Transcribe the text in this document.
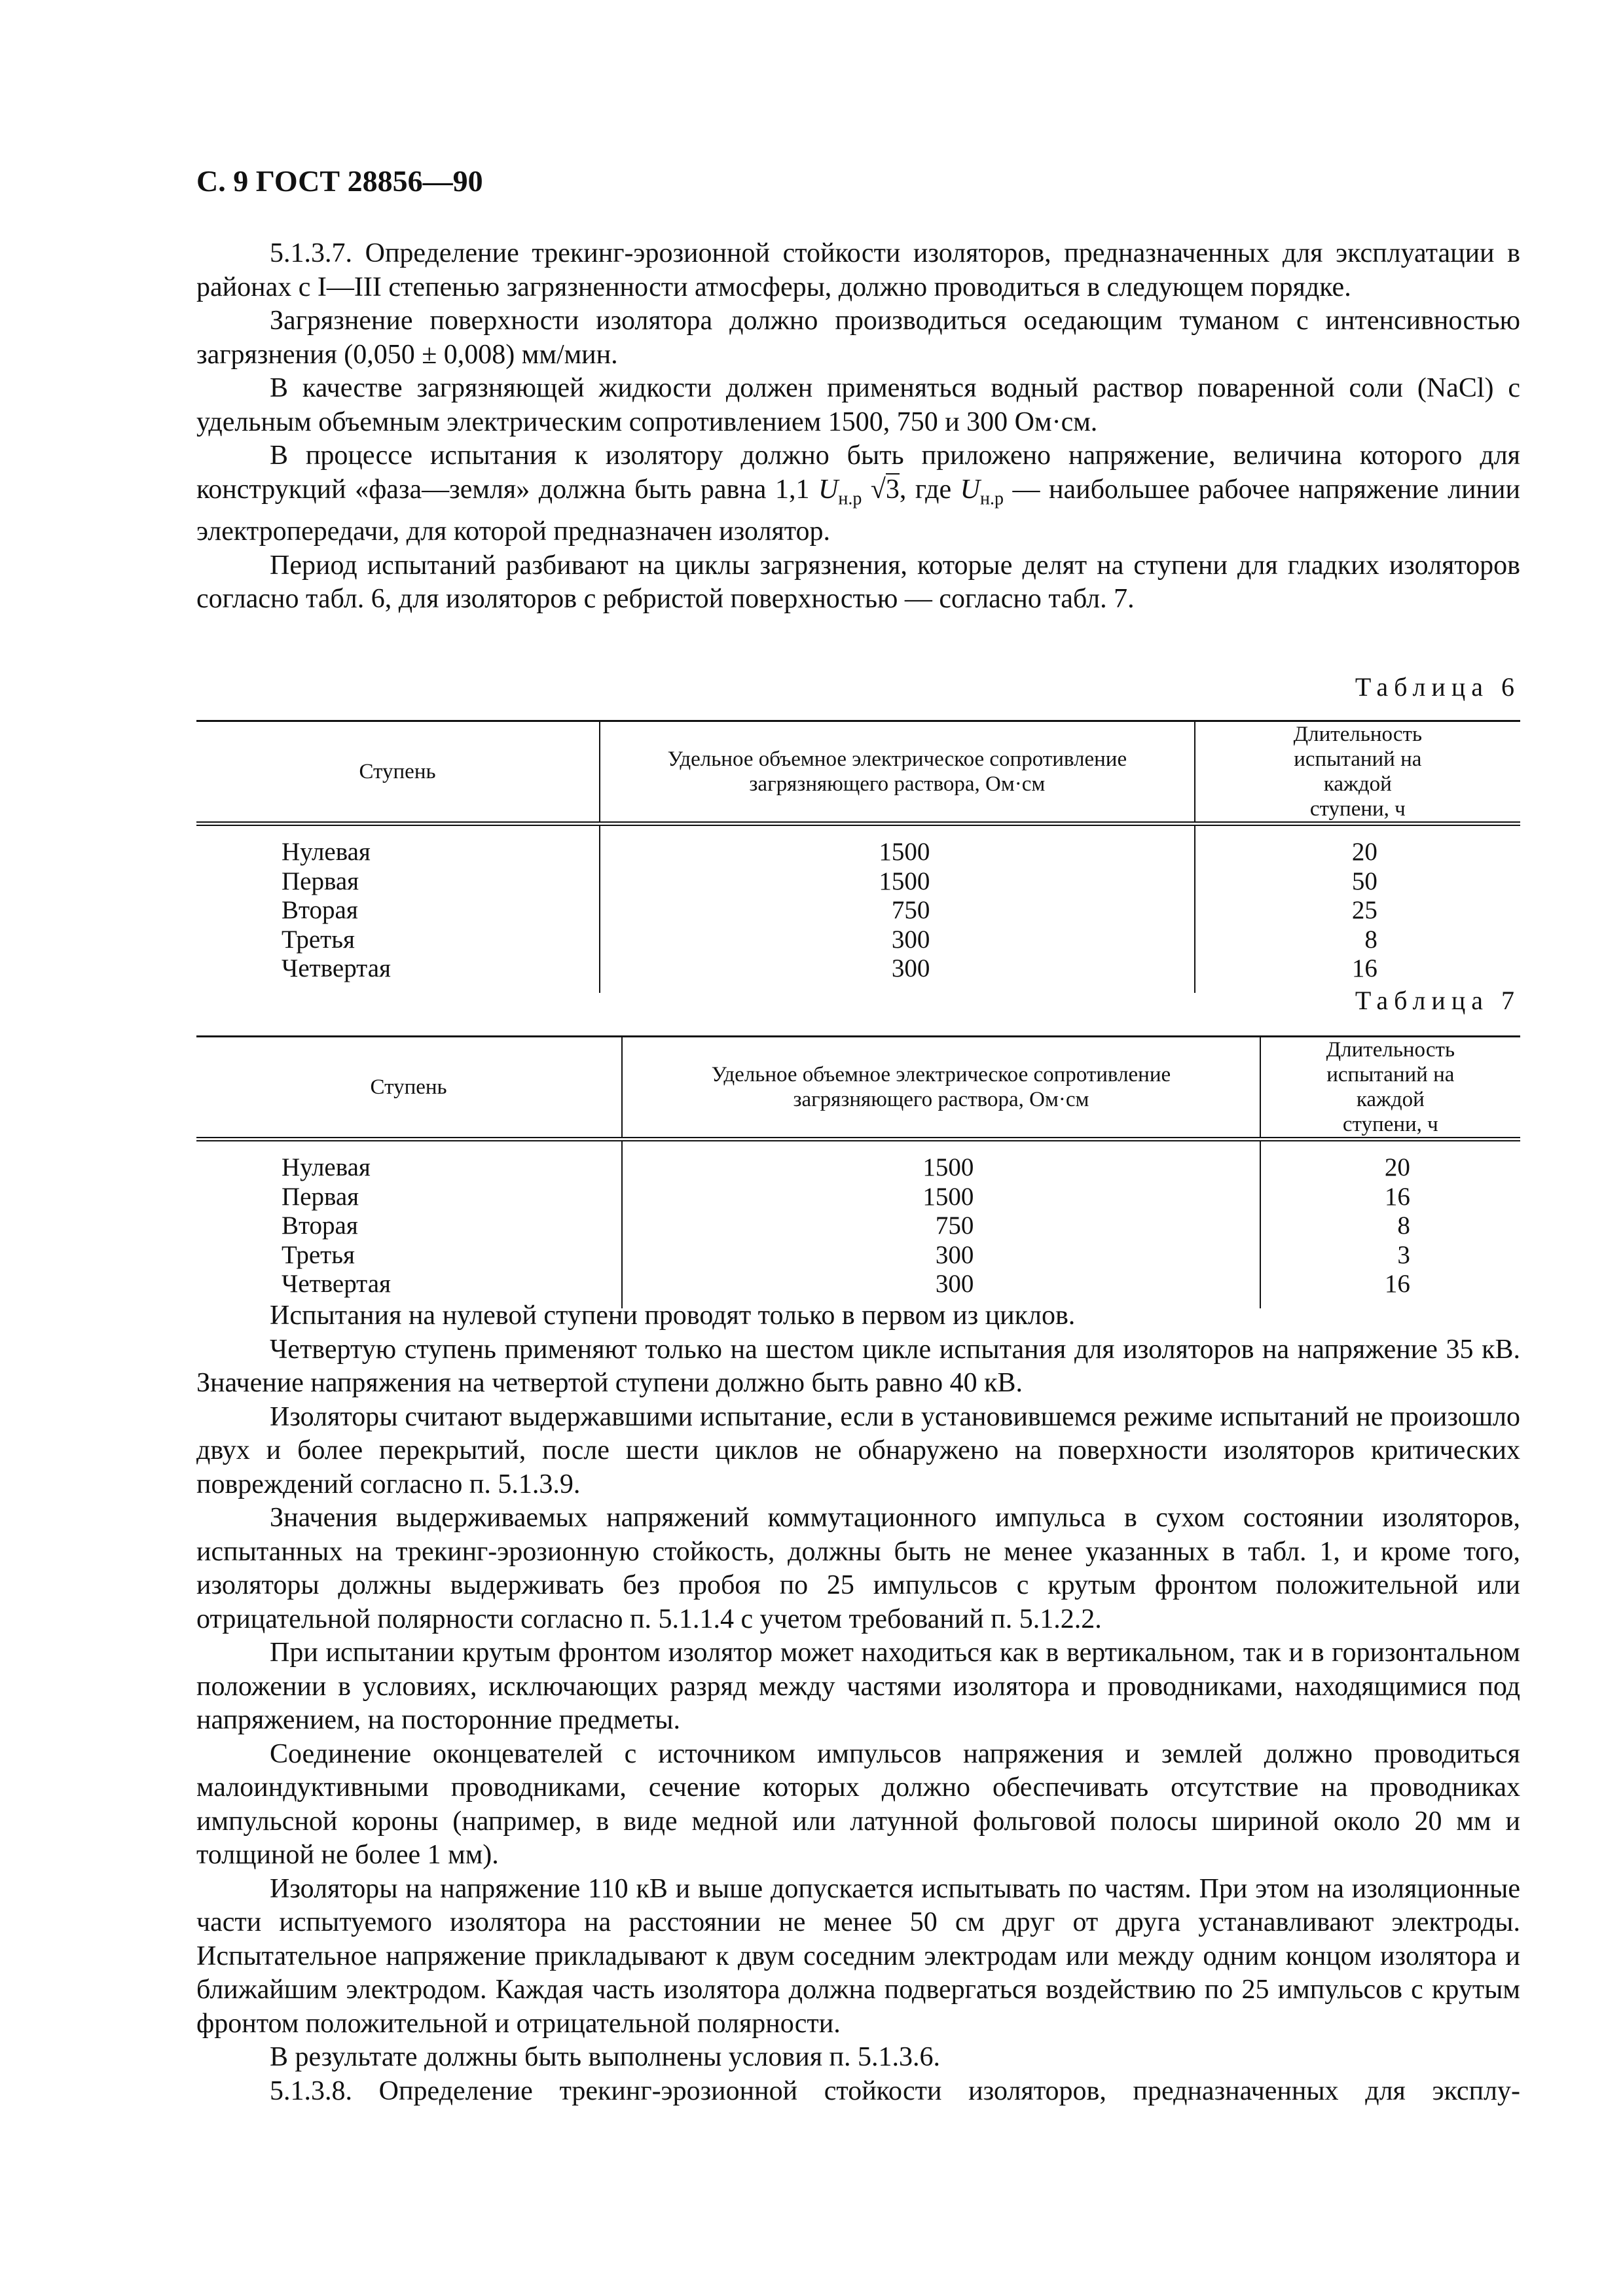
С. 9 ГОСТ 28856—90

5.1.3.7. Определение трекинг-эрозионной стойкости изоляторов, предназначенных для эксплуатации в районах с I—III степенью загрязненности атмосферы, должно проводиться в следующем порядке.

Загрязнение поверхности изолятора должно производиться оседающим туманом с интенсивностью загрязнения (0,050 ± 0,008) мм/мин.

В качестве загрязняющей жидкости должен применяться водный раствор поваренной соли (NaCl) с удельным объемным электрическим сопротивлением 1500, 750 и 300 Ом·см.

В процессе испытания к изолятору должно быть приложено напряжение, величина которого для конструкций «фаза—земля» должна быть равна 1,1 $U_{н.р}$ √3, где $U_{н.р}$ — наибольшее рабочее напряжение линии электропередачи, для которой предназначен изолятор.

Период испытаний разбивают на циклы загрязнения, которые делят на ступени для гладких изоляторов согласно табл. 6, для изоляторов с ребристой поверхностью — согласно табл. 7.

Таблица 6
Ступень	Удельное объемное электрическое сопротивление загрязняющего раствора, Ом·см	Длительность испытаний на каждой ступени, ч
Нулевая	1500	20
Первая	1500	50
Вторая	750	25
Третья	300	8
Четвертая	300	16
Таблица 7
Ступень	Удельное объемное электрическое сопротивление загрязняющего раствора, Ом·см	Длительность испытаний на каждой ступени, ч
Нулевая	1500	20
Первая	1500	16
Вторая	750	8
Третья	300	3
Четвертая	300	16

Испытания на нулевой ступени проводят только в первом из циклов.

Четвертую ступень применяют только на шестом цикле испытания для изоляторов на напряжение 35 кВ. Значение напряжения на четвертой ступени должно быть равно 40 кВ.

Изоляторы считают выдержавшими испытание, если в установившемся режиме испытаний не произошло двух и более перекрытий, после шести циклов не обнаружено на поверхности изоляторов критических повреждений согласно п. 5.1.3.9.

Значения выдерживаемых напряжений коммутационного импульса в сухом состоянии изоляторов, испытанных на трекинг-эрозионную стойкость, должны быть не менее указанных в табл. 1, и кроме того, изоляторы должны выдерживать без пробоя по 25 импульсов с крутым фронтом положительной или отрицательной полярности согласно п. 5.1.1.4 с учетом требований п. 5.1.2.2.

При испытании крутым фронтом изолятор может находиться как в вертикальном, так и в горизонтальном положении в условиях, исключающих разряд между частями изолятора и проводниками, находящимися под напряжением, на посторонние предметы.

Соединение оконцевателей с источником импульсов напряжения и землей должно проводиться малоиндуктивными проводниками, сечение которых должно обеспечивать отсутствие на проводниках импульсной короны (например, в виде медной или латунной фольговой полосы шириной около 20 мм и толщиной не более 1 мм).

Изоляторы на напряжение 110 кВ и выше допускается испытывать по частям. При этом на изоляционные части испытуемого изолятора на расстоянии не менее 50 см друг от друга устанавливают электроды. Испытательное напряжение прикладывают к двум соседним электродам или между одним концом изолятора и ближайшим электродом. Каждая часть изолятора должна подвергаться воздействию по 25 импульсов с крутым фронтом положительной и отрицательной полярности.

В результате должны быть выполнены условия п. 5.1.3.6.

5.1.3.8. Определение трекинг-эрозионной стойкости изоляторов, предназначенных для эксплу-
